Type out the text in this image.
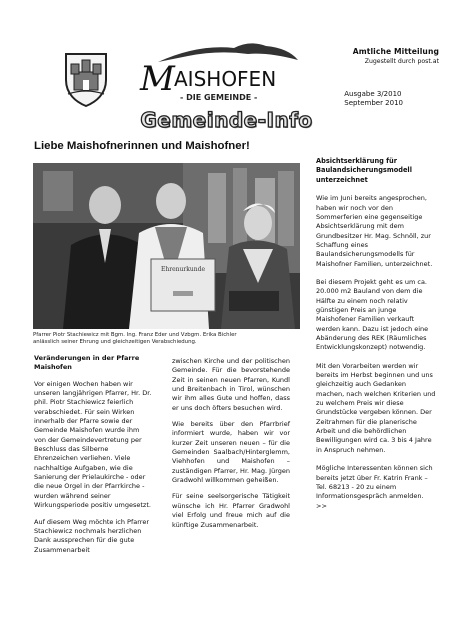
M AISHOFEN
- DIE GEMEINDE -
Amtliche Mitteilung
Zugestellt durch post.at
Ausgabe 3/2010
September 2010
Gemeinde-Info
Liebe Maishofnerinnen und Maishofner!
Ehrenurkunde
Pfarrer Piotr Stachiewicz mit Bgm. Ing. Franz Eder und Vzbgm. Erika Bichler
anlässlich seiner Ehrung und gleichzeitigen Verabschiedung.

Veränderungen in der Pfarre Maishofen

Vor einigen Wochen haben wir unseren langjährigen Pfarrer, Hr. Dr. phil. Piotr Stachiewicz feierlich verabschiedet. Für sein Wirken innerhalb der Pfarre sowie der Gemeinde Maishofen wurde ihm von der Gemeindevertretung per Beschluss das Silberne Ehrenzeichen verliehen. Viele nachhaltige Aufgaben, wie die Sanierung der Prielaukirche - oder die neue Orgel in der Pfarrkirche - wurden während seiner Wirkungsperiode positiv umgesetzt.

Auf diesem Weg möchte ich Pfarrer Stachiewicz nochmals herzlichen Dank aussprechen für die gute Zusammenarbeit

zwischen Kirche und der politischen Gemeinde. Für die bevorstehende Zeit in seinen neuen Pfarren, Kundl und Breitenbach in Tirol, wünschen wir ihm alles Gute und hoffen, dass er uns doch öfters besuchen wird.

Wie bereits über den Pfarrbrief informiert wurde, haben wir vor kurzer Zeit unseren neuen – für die Gemeinden Saalbach/Hinterglemm, Viehhofen und Maishofen – zuständigen Pfarrer, Hr. Mag. Jürgen Gradwohl willkommen geheißen.

Für seine seelsorgerische Tätigkeit wünsche ich Hr. Pfarrer Gradwohl viel Erfolg und freue mich auf die künftige Zusammenarbeit.

Absichtserklärung für Baulandsicherungsmodell unterzeichnet

Wie im Juni bereits angesprochen, haben wir noch vor den Sommerferien eine gegenseitige Absichtserklärung mit dem Grundbesitzer Hr. Mag. Schnöll, zur Schaffung eines Baulandsicherungsmodells für Maishofner Familien, unterzeichnet.

Bei diesem Projekt geht es um ca. 20.000 m2 Bauland von dem die Hälfte zu einem noch relativ günstigen Preis an junge Maishofener Familien verkauft werden kann. Dazu ist jedoch eine Abänderung des REK (Räumliches Entwicklungskonzept) notwendig.

Mit den Vorarbeiten werden wir bereits im Herbst beginnen und uns gleichzeitig auch Gedanken machen, nach welchen Kriterien und zu welchem Preis wir diese Grundstücke vergeben können. Der Zeitrahmen für die planerische Arbeit und die behördlichen Bewilligungen wird ca. 3 bis 4 Jahre in Anspruch nehmen.

Mögliche Interessenten können sich bereits jetzt über Fr. Katrin Frank – Tel. 68213 - 20 zu einem Informationsgespräch anmelden. >>
